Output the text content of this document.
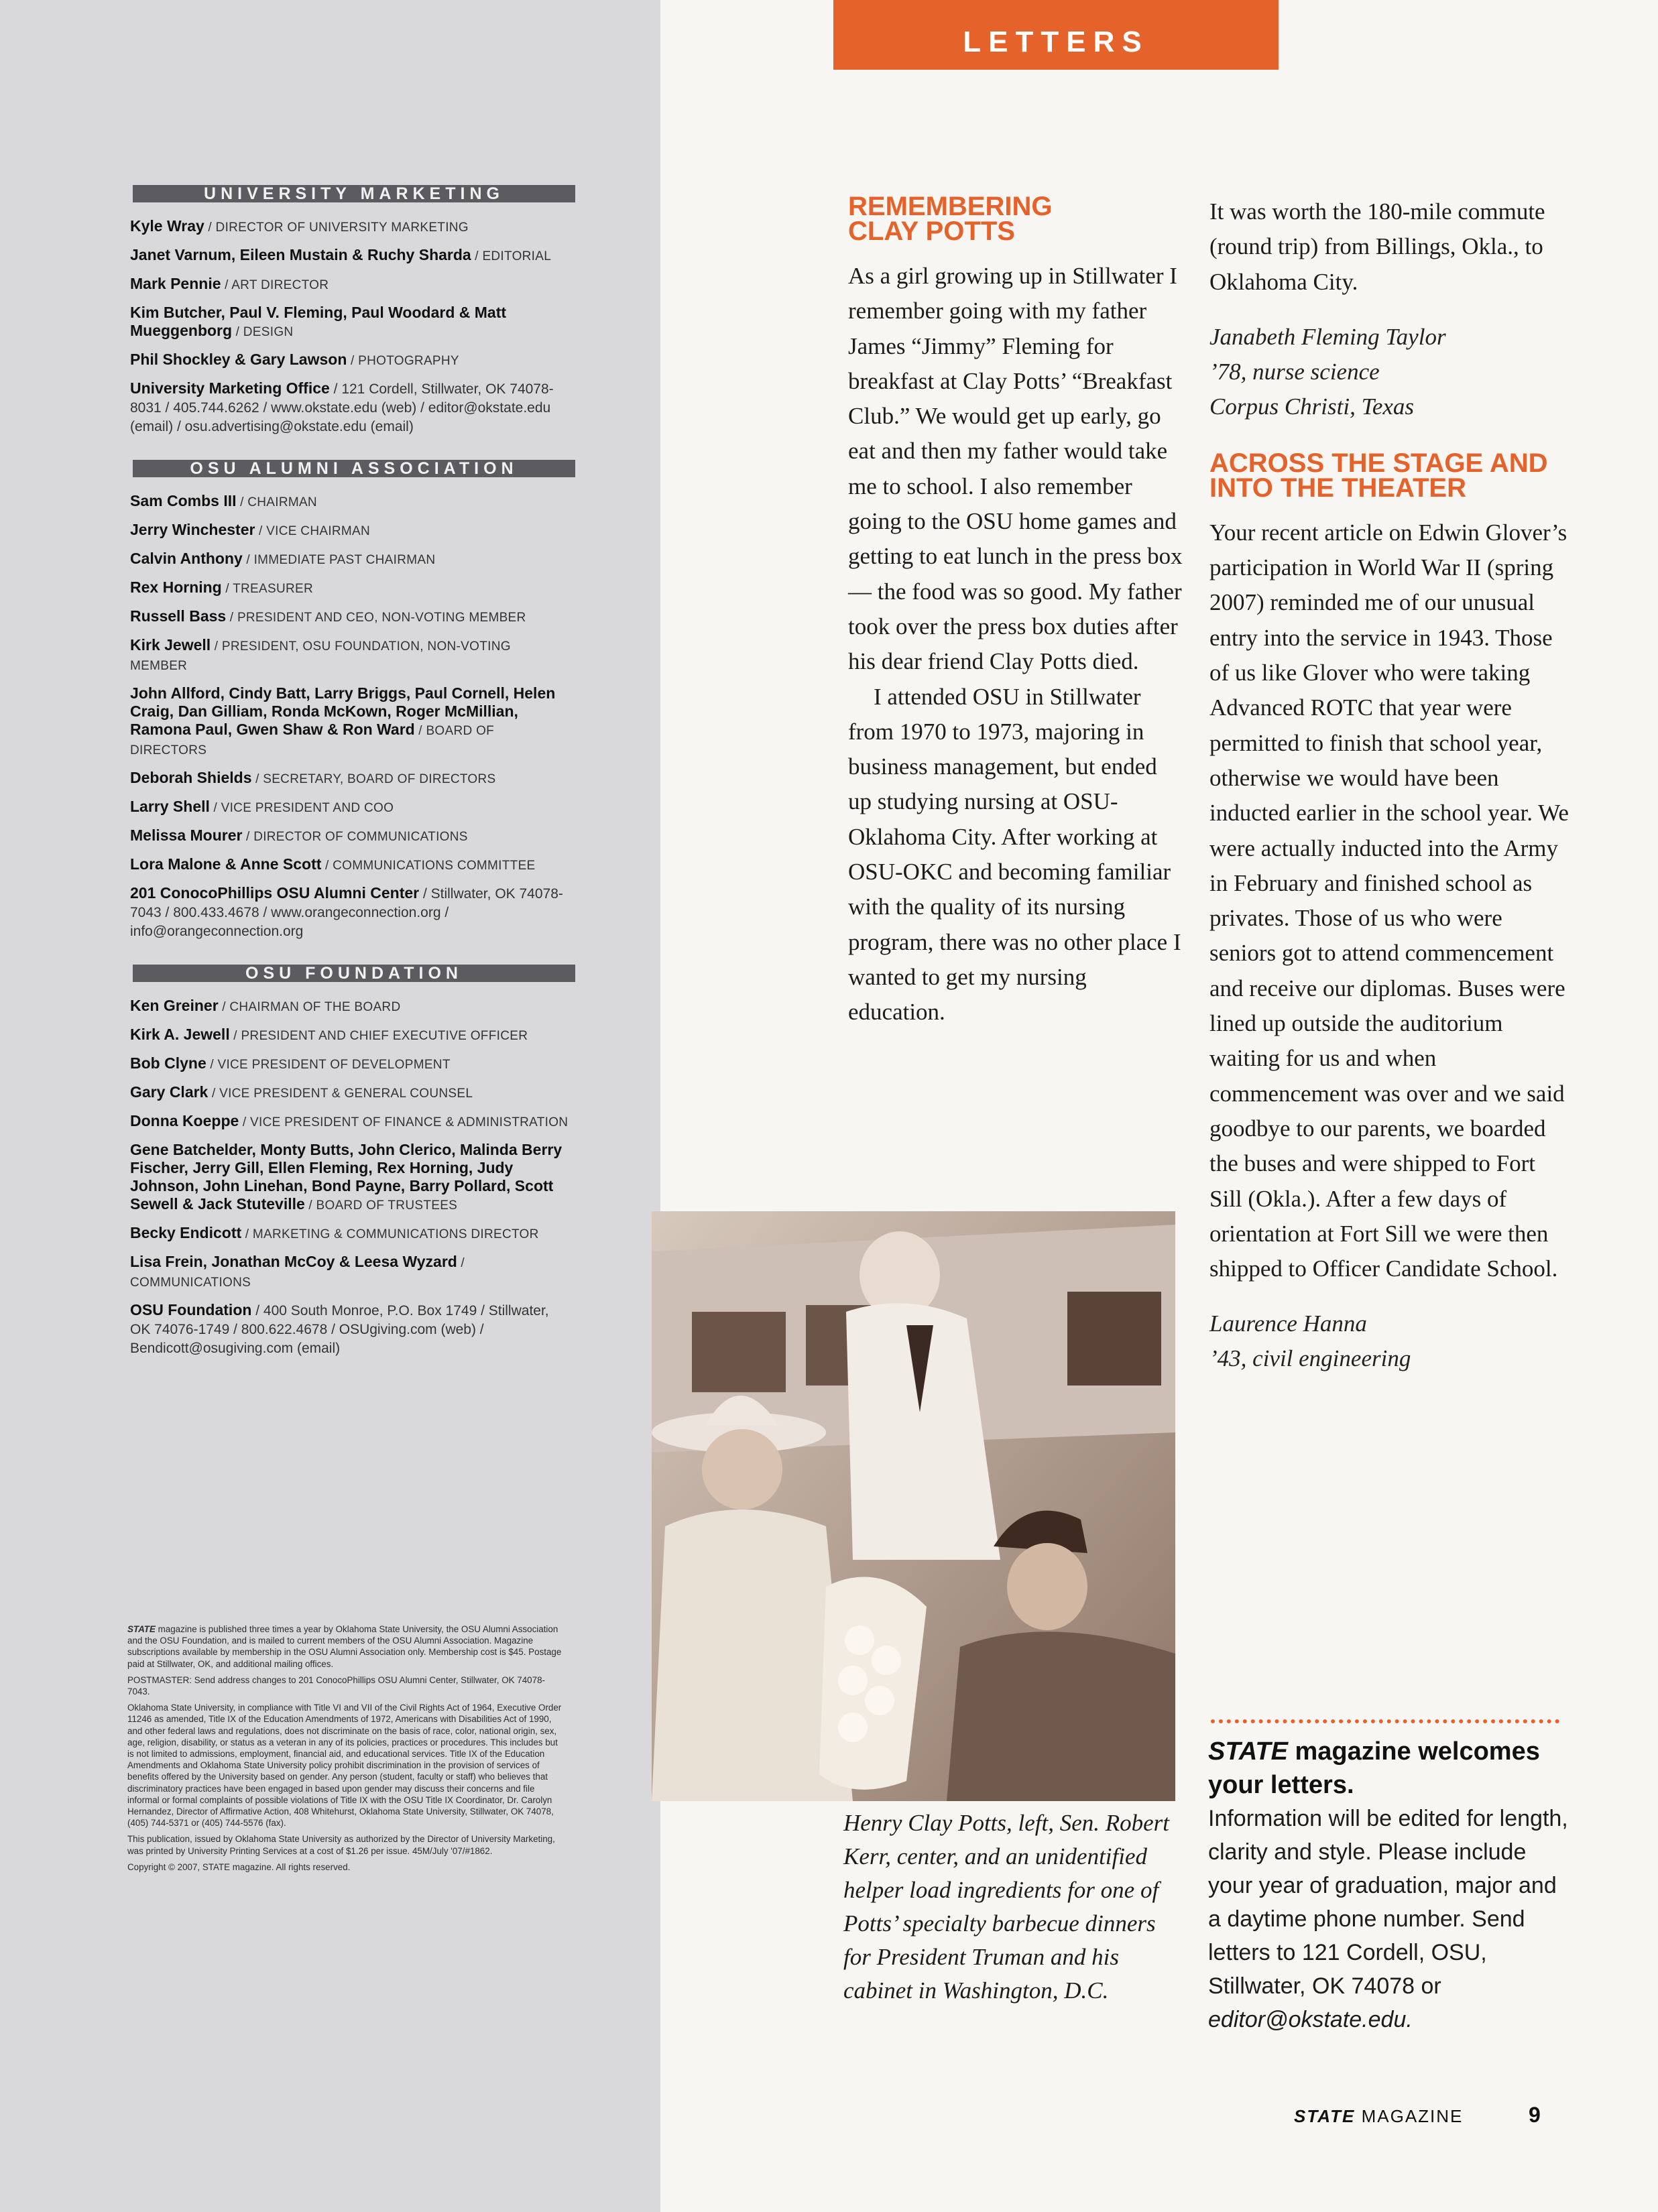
UNIVERSITY MARKETING
Kyle Wray / DIRECTOR OF UNIVERSITY MARKETING
Janet Varnum, Eileen Mustain & Ruchy Sharda / EDITORIAL
Mark Pennie / ART DIRECTOR
Kim Butcher, Paul V. Fleming, Paul Woodard & Matt Mueggenborg / DESIGN
Phil Shockley & Gary Lawson / PHOTOGRAPHY
University Marketing Office / 121 Cordell, Stillwater, OK 74078-8031 / 405.744.6262 / www.okstate.edu (web) / editor@okstate.edu (email) / osu.advertising@okstate.edu (email)
OSU ALUMNI ASSOCIATION
Sam Combs III / CHAIRMAN
Jerry Winchester / VICE CHAIRMAN
Calvin Anthony / IMMEDIATE PAST CHAIRMAN
Rex Horning / TREASURER
Russell Bass / PRESIDENT AND CEO, NON-VOTING MEMBER
Kirk Jewell / PRESIDENT, OSU FOUNDATION, NON-VOTING MEMBER
John Allford, Cindy Batt, Larry Briggs, Paul Cornell, Helen Craig, Dan Gilliam, Ronda McKown, Roger McMillian, Ramona Paul, Gwen Shaw & Ron Ward / BOARD OF DIRECTORS
Deborah Shields / SECRETARY, BOARD OF DIRECTORS
Larry Shell / VICE PRESIDENT AND COO
Melissa Mourer / DIRECTOR OF COMMUNICATIONS
Lora Malone & Anne Scott / COMMUNICATIONS COMMITTEE
201 ConocoPhillips OSU Alumni Center / Stillwater, OK 74078-7043 / 800.433.4678 / www.orangeconnection.org / info@orangeconnection.org
OSU FOUNDATION
Ken Greiner / CHAIRMAN OF THE BOARD
Kirk A. Jewell / PRESIDENT AND CHIEF EXECUTIVE OFFICER
Bob Clyne / VICE PRESIDENT OF DEVELOPMENT
Gary Clark / VICE PRESIDENT & GENERAL COUNSEL
Donna Koeppe / VICE PRESIDENT OF FINANCE & ADMINISTRATION
Gene Batchelder, Monty Butts, John Clerico, Malinda Berry Fischer, Jerry Gill, Ellen Fleming, Rex Horning, Judy Johnson, John Linehan, Bond Payne, Barry Pollard, Scott Sewell & Jack Stuteville / BOARD OF TRUSTEES
Becky Endicott / MARKETING & COMMUNICATIONS DIRECTOR
Lisa Frein, Jonathan McCoy & Leesa Wyzard / COMMUNICATIONS
OSU Foundation / 400 South Monroe, P.O. Box 1749 / Stillwater, OK 74076-1749 / 800.622.4678 / OSUgiving.com (web) / Bendicott@osugiving.com (email)

STATE magazine is published three times a year by Oklahoma State University, the OSU Alumni Association and the OSU Foundation, and is mailed to current members of the OSU Alumni Association. Magazine subscriptions available by membership in the OSU Alumni Association only. Membership cost is $45. Postage paid at Stillwater, OK, and additional mailing offices.

POSTMASTER: Send address changes to 201 ConocoPhillips OSU Alumni Center, Stillwater, OK 74078-7043.

Oklahoma State University, in compliance with Title VI and VII of the Civil Rights Act of 1964, Executive Order 11246 as amended, Title IX of the Education Amendments of 1972, Americans with Disabilities Act of 1990, and other federal laws and regulations, does not discriminate on the basis of race, color, national origin, sex, age, religion, disability, or status as a veteran in any of its policies, practices or procedures. This includes but is not limited to admissions, employment, financial aid, and educational services. Title IX of the Education Amendments and Oklahoma State University policy prohibit discrimination in the provision of services of benefits offered by the University based on gender. Any person (student, faculty or staff) who believes that discriminatory practices have been engaged in based upon gender may discuss their concerns and file informal or formal complaints of possible violations of Title IX with the OSU Title IX Coordinator, Dr. Carolyn Hernandez, Director of Affirmative Action, 408 Whitehurst, Oklahoma State University, Stillwater, OK 74078, (405) 744-5371 or (405) 744-5576 (fax).

This publication, issued by Oklahoma State University as authorized by the Director of University Marketing, was printed by University Printing Services at a cost of $1.26 per issue. 45M/July '07/#1862.

Copyright © 2007, STATE magazine. All rights reserved.

LETTERS
REMEMBERING CLAY POTTS

As a girl growing up in Stillwater I remember going with my father James “Jimmy” Fleming for breakfast at Clay Potts’ “Breakfast Club.” We would get up early, go eat and then my father would take me to school. I also remember going to the OSU home games and getting to eat lunch in the press box — the food was so good. My father took over the press box duties after his dear friend Clay Potts died.

I attended OSU in Stillwater from 1970 to 1973, majoring in business management, but ended up studying nursing at OSU-Oklahoma City. After working at OSU-OKC and becoming familiar with the quality of its nursing program, there was no other place I wanted to get my nursing education.

Henry Clay Potts, left, Sen. Robert Kerr, center, and an unidentified helper load ingredients for one of Potts’ specialty barbecue dinners for President Truman and his cabinet in Washington, D.C.

It was worth the 180-mile commute (round trip) from Billings, Okla., to Oklahoma City.

Janabeth Fleming Taylor
’78, nurse science
Corpus Christi, Texas
ACROSS THE STAGE AND INTO THE THEATER

Your recent article on Edwin Glover’s participation in World War II (spring 2007) reminded me of our unusual entry into the service in 1943. Those of us like Glover who were taking Advanced ROTC that year were permitted to finish that school year, otherwise we would have been inducted earlier in the school year. We were actually inducted into the Army in February and finished school as privates. Those of us who were seniors got to attend commencement and receive our diplomas. Buses were lined up outside the auditorium waiting for us and when commencement was over and we said goodbye to our parents, we boarded the buses and were shipped to Fort Sill (Okla.). After a few days of orientation at Fort Sill we were then shipped to Officer Candidate School.

Laurence Hanna
’43, civil engineering
STATE magazine welcomes your letters.
Information will be edited for length, clarity and style. Please include your year of graduation, major and a daytime phone number. Send letters to 121 Cordell, OSU, Stillwater, OK 74078 or
editor@okstate.edu.
STATE MAGAZINE	9
